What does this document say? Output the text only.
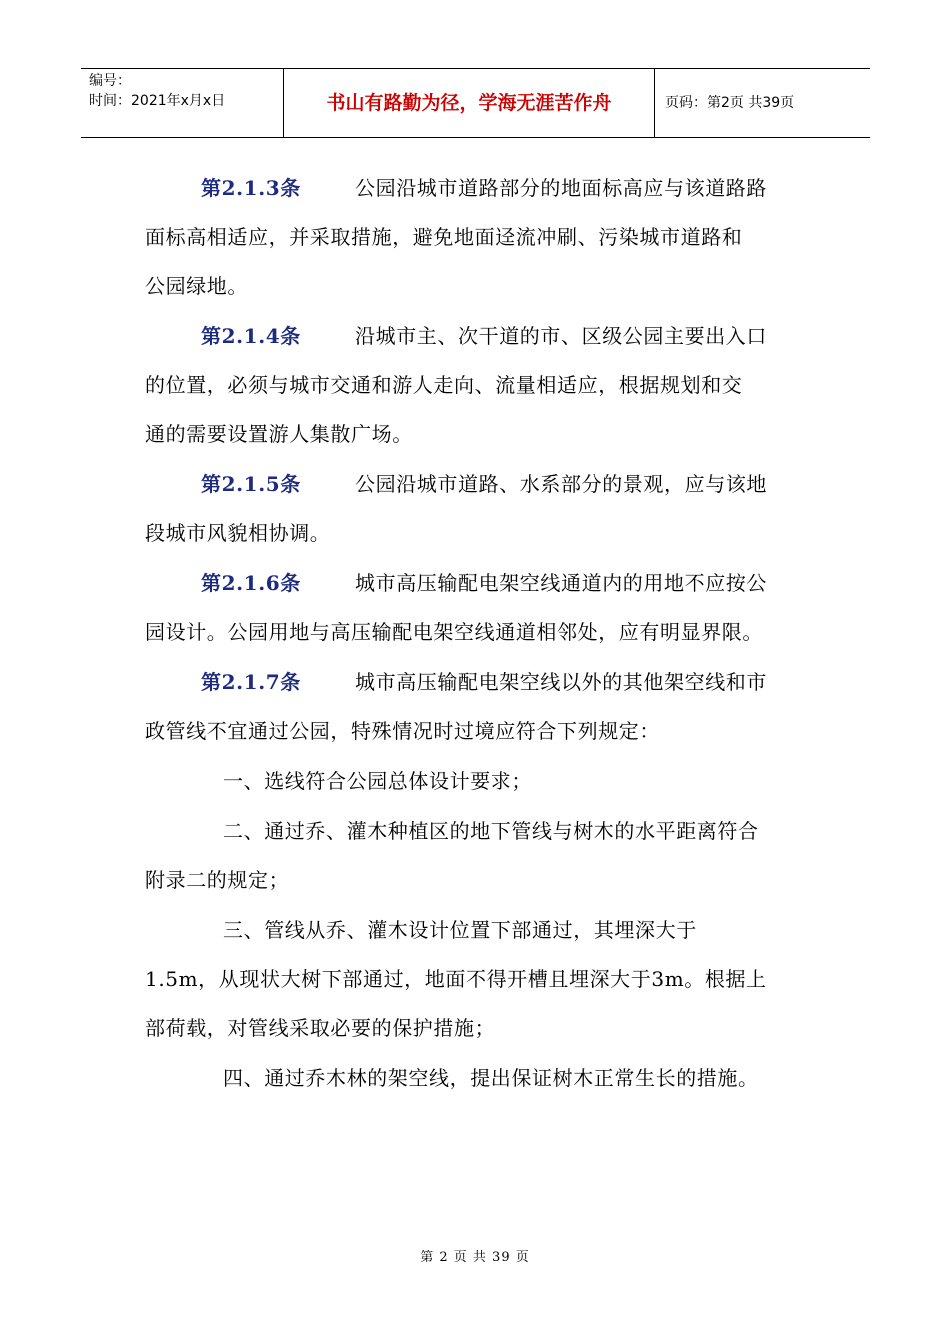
编号：
时间：2021年x月x日	书山有路勤为径，学海无涯苦作舟	页码：第2页 共39页
第2.1.3条	公园沿城市道路部分的地面标高应与该道路路
面标高相适应，并采取措施，避免地面迳流冲刷、污染城市道路和
公园绿地。
第2.1.4条	沿城市主、次干道的市、区级公园主要出入口
的位置，必须与城市交通和游人走向、流量相适应，根据规划和交
通的需要设置游人集散广场。
第2.1.5条	公园沿城市道路、水系部分的景观，应与该地
段城市风貌相协调。
第2.1.6条	城市高压输配电架空线通道内的用地不应按公
园设计。公园用地与高压输配电架空线通道相邻处，应有明显界限。
第2.1.7条	城市高压输配电架空线以外的其他架空线和市
政管线不宜通过公园，特殊情况时过境应符合下列规定：
一、选线符合公园总体设计要求；
二、通过乔、灌木种植区的地下管线与树木的水平距离符合
附录二的规定；
三、管线从乔、灌木设计位置下部通过，其埋深大于
1.5m，从现状大树下部通过，地面不得开槽且埋深大于3m。根据上
部荷载，对管线采取必要的保护措施；
四、通过乔木林的架空线，提出保证树木正常生长的措施。
第 2 页 共 39 页
